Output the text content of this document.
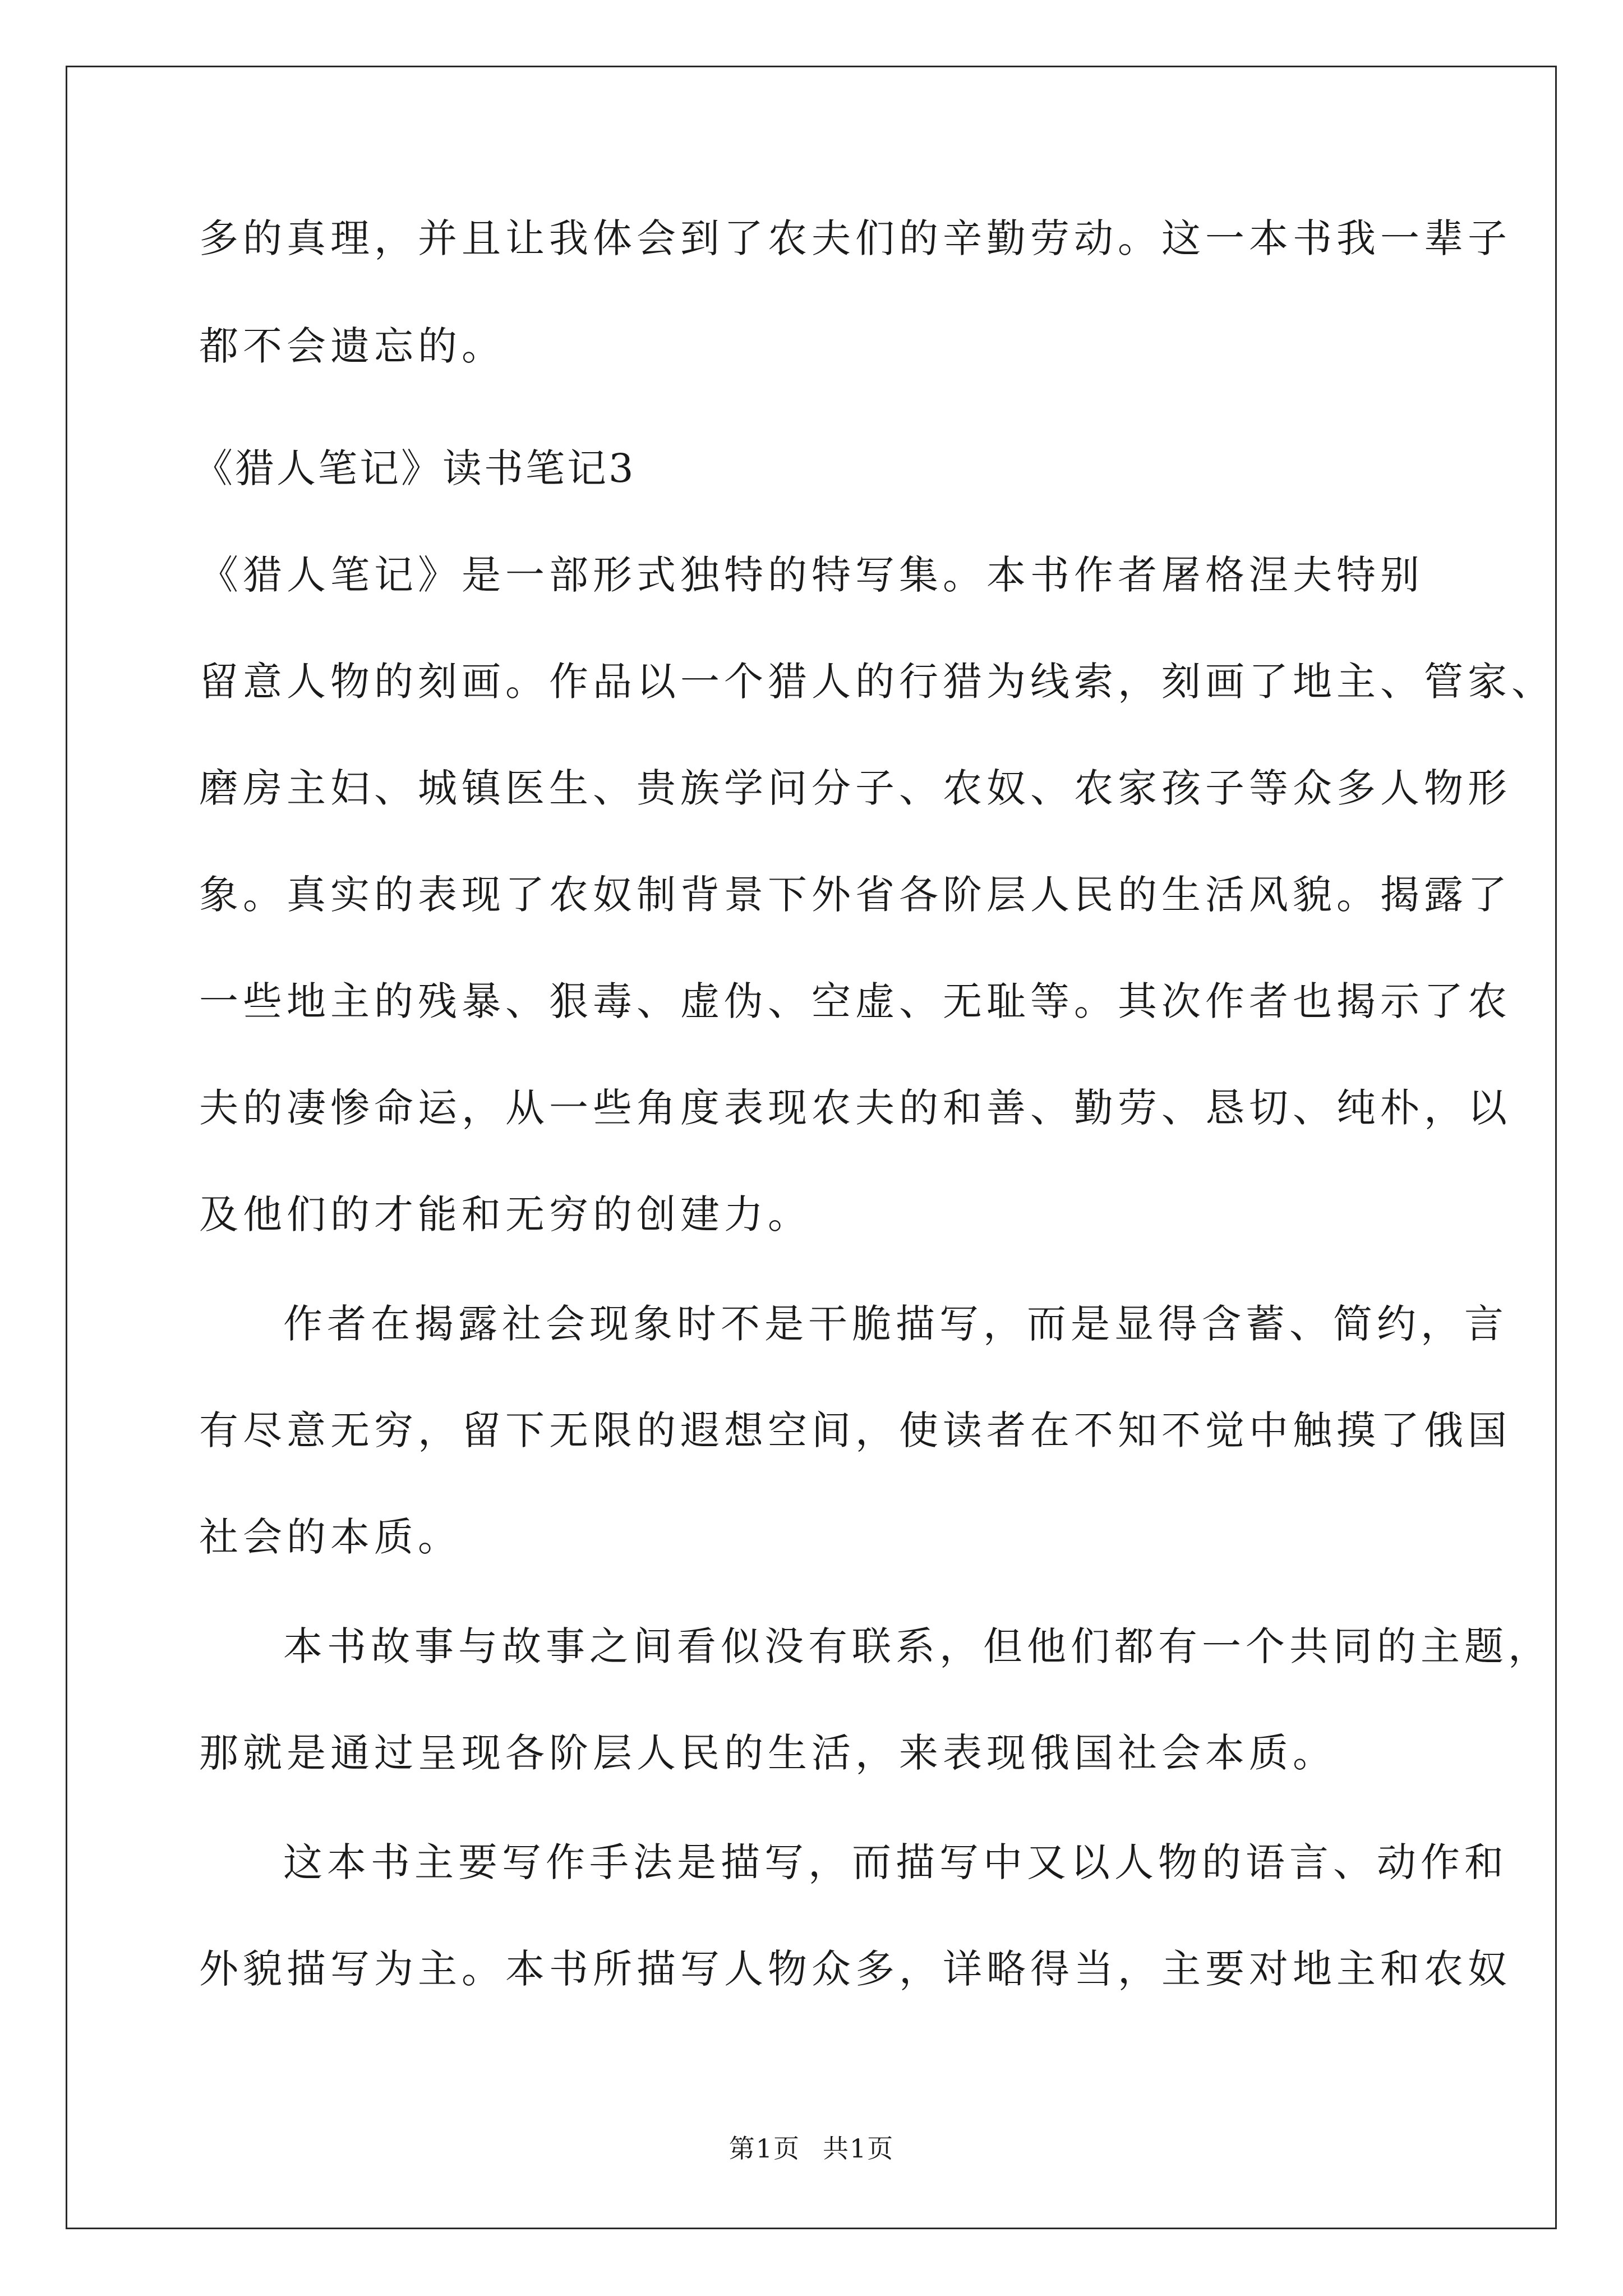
多的真理，并且让我体会到了农夫们的辛勤劳动。这一本书我一辈子
都不会遗忘的。
《猎人笔记》读书笔记3
《猎人笔记》是一部形式独特的特写集。本书作者屠格涅夫特别
留意人物的刻画。作品以一个猎人的行猎为线索，刻画了地主、管家、
磨房主妇、城镇医生、贵族学问分子、农奴、农家孩子等众多人物形
象。真实的表现了农奴制背景下外省各阶层人民的生活风貌。揭露了
一些地主的残暴、狠毒、虚伪、空虚、无耻等。其次作者也揭示了农
夫的凄惨命运，从一些角度表现农夫的和善、勤劳、恳切、纯朴，以
及他们的才能和无穷的创建力。
作者在揭露社会现象时不是干脆描写，而是显得含蓄、简约，言
有尽意无穷，留下无限的遐想空间，使读者在不知不觉中触摸了俄国
社会的本质。
本书故事与故事之间看似没有联系，但他们都有一个共同的主题，
那就是通过呈现各阶层人民的生活，来表现俄国社会本质。
这本书主要写作手法是描写，而描写中又以人物的语言、动作和
外貌描写为主。本书所描写人物众多，详略得当，主要对地主和农奴
第1页 共1页
